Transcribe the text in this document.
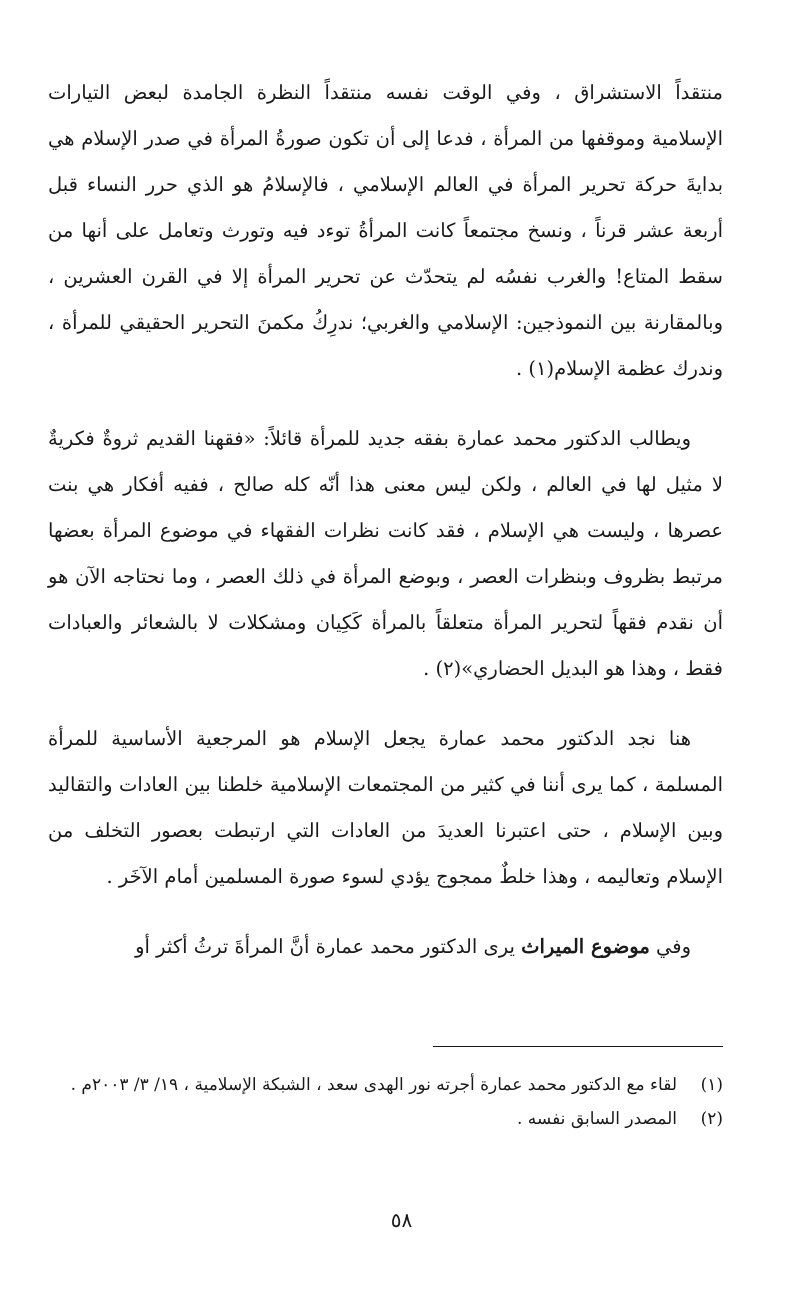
منتقداً الاستشراق ، وفي الوقت نفسه منتقداً النظرة الجامدة لبعض التيارات الإسلامية وموقفها من المرأة ، فدعا إلى أن تكون صورةُ المرأة في صدر الإسلام هي بدايةَ حركة تحرير المرأة في العالم الإسلامي ، فالإسلامُ هو الذي حرر النساء قبل أربعة عشر قرناً ، ونسخ مجتمعاً كانت المرأةُ توءد فيه وتورث وتعامل على أنها من سقط المتاع! والغرب نفسُه لم يتحدّث عن تحرير المرأة إلا في القرن العشرين ، وبالمقارنة بين النموذجين: الإسلامي والغربي؛ ندرِكُ مكمنَ التحرير الحقيقي للمرأة ، وندرك عظمة الإسلام(١) .

ويطالب الدكتور محمد عمارة بفقه جديد للمرأة قائلاً: «فقهنا القديم ثروةٌ فكريةٌ لا مثيل لها في العالم ، ولكن ليس معنى هذا أنّه كله صالح ، ففيه أفكار هي بنت عصرها ، وليست هي الإسلام ، فقد كانت نظرات الفقهاء في موضوع المرأة بعضها مرتبط بظروف وبنظرات العصر ، وبوضع المرأة في ذلك العصر ، وما نحتاجه الآن هو أن نقدم فقهاً لتحرير المرأة متعلقاً بالمرأة كَكِيان ومشكلات لا بالشعائر والعبادات فقط ، وهذا هو البديل الحضاري»(٢) .

هنا نجد الدكتور محمد عمارة يجعل الإسلام هو المرجعية الأساسية للمرأة المسلمة ، كما يرى أننا في كثير من المجتمعات الإسلامية خلطنا بين العادات والتقاليد وبين الإسلام ، حتى اعتبرنا العديدَ من العادات التي ارتبطت بعصور التخلف من الإسلام وتعاليمه ، وهذا خلطٌ ممجوج يؤدي لسوء صورة المسلمين أمام الآخَر .

وفي موضوع الميراث يرى الدكتور محمد عمارة أنَّ المرأةَ ترثُ أكثر أو

(١)
لقاء مع الدكتور محمد عمارة أجرته نور الهدى سعد ، الشبكة الإسلامية ، ١٩/ ٣/ ٢٠٠٣م .
(٢)
المصدر السابق نفسه .
٥٨
